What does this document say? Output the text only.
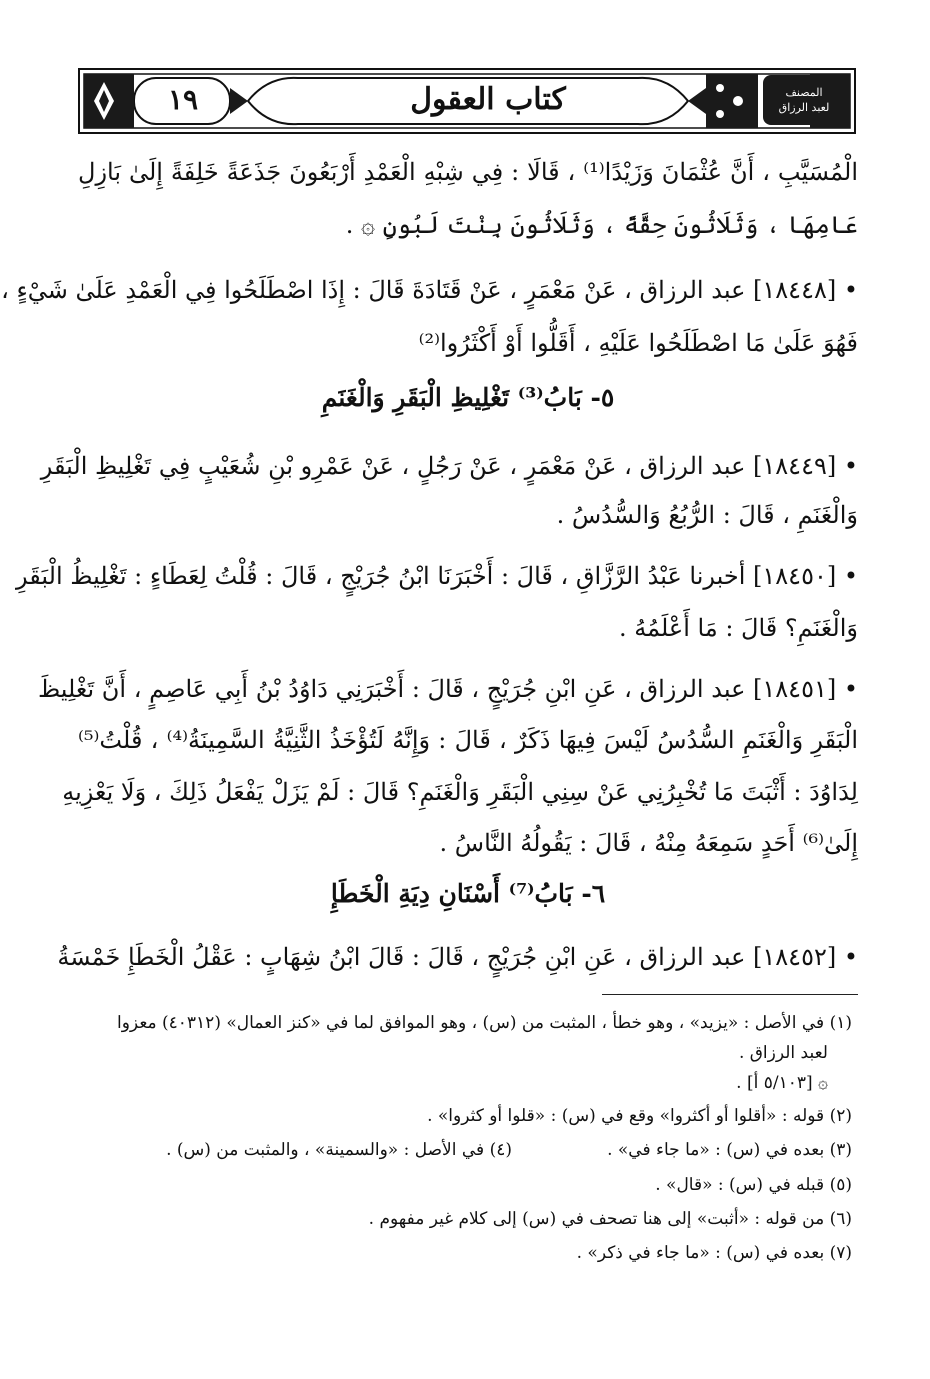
١٩	كتاب العقول	المصنف
لعبد الرزاق
الْمُسَيَّبِ ، أَنَّ عُثْمَانَ وَزَيْدًا⁽¹⁾ ، قَالَا : فِي شِبْهِ الْعَمْدِ أَرْبَعُونَ جَذَعَةً خَلِفَةً إِلَىٰ بَازِلِ
عَامِهَا ، وَثَلَاثُونَ حِقَّةً ، وَثَلَاثُونَ بِنْتَ لَبُونٍ ۞ .
• [١٨٤٤٨] عبد الرزاق ، عَنْ مَعْمَرٍ ، عَنْ قَتَادَةَ قَالَ : إِذَا اصْطَلَحُوا فِي الْعَمْدِ عَلَىٰ شَيْءٍ ،
فَهُوَ عَلَىٰ مَا اصْطَلَحُوا عَلَيْهِ ، أَقَلُّوا أَوْ أَكْثَرُوا⁽²⁾
٥- بَابُ⁽³⁾ تَغْلِيظِ الْبَقَرِ وَالْغَنَمِ
• [١٨٤٤٩] عبد الرزاق ، عَنْ مَعْمَرٍ ، عَنْ رَجُلٍ ، عَنْ عَمْرِو بْنِ شُعَيْبٍ فِي تَغْلِيظِ الْبَقَرِ
وَالْغَنَمِ ، قَالَ : الرُّبُعُ وَالسُّدُسُ .
• [١٨٤٥٠] أخبرنا عَبْدُ الرَّزَّاقِ ، قَالَ : أَخْبَرَنَا ابْنُ جُرَيْجٍ ، قَالَ : قُلْتُ لِعَطَاءٍ : تَغْلِيظُ الْبَقَرِ
وَالْغَنَمِ؟ قَالَ : مَا أَعْلَمُهُ .
• [١٨٤٥١] عبد الرزاق ، عَنِ ابْنِ جُرَيْجٍ ، قَالَ : أَخْبَرَنِي دَاوُدُ بْنُ أَبِي عَاصِمٍ ، أَنَّ تَغْلِيظَ
الْبَقَرِ وَالْغَنَمِ السُّدُسُ لَيْسَ فِيهَا ذَكَرٌ ، قَالَ : وَإِنَّهُ لَتُؤْخَذُ الثَّنِيَّةُ السَّمِينَةُ⁽⁴⁾ ، قُلْتُ⁽⁵⁾
لِدَاوُدَ : أَثْبَتَ مَا تُخْبِرُنِي عَنْ سِنِي الْبَقَرِ وَالْغَنَمِ؟ قَالَ : لَمْ يَزَلْ يَفْعَلُ ذَلِكَ ، وَلَا يَعْزِيهِ
إِلَىٰ⁽⁶⁾ أَحَدٍ سَمِعَهُ مِنْهُ ، قَالَ : يَقُولُهُ النَّاسُ .
٦- بَابُ⁽⁷⁾ أَسْنَانِ دِيَةِ الْخَطَإِ
• [١٨٤٥٢] عبد الرزاق ، عَنِ ابْنِ جُرَيْجٍ ، قَالَ : قَالَ ابْنُ شِهَابٍ : عَقْلُ الْخَطَإِ خَمْسَةُ
(١) في الأصل : «يزيد» ، وهو خطأ ، المثبت من (س) ، وهو الموافق لما في «كنز العمال» (٤٠٣١٢) معزوا
لعبد الرزاق .
۞ [٥/١٠٣ أ] .
(٢) قوله : «أقلوا أو أكثروا» وقع في (س) : «قلوا أو كثروا» .
(٣) بعده في (س) : «ما جاء في» .
(٤) في الأصل : «والسمينة» ، والمثبت من (س) .
(٥) قبله في (س) : «قال» .
(٦) من قوله : «أثبت» إلى هنا تصحف في (س) إلى كلام غير مفهوم .
(٧) بعده في (س) : «ما جاء في ذكر» .
